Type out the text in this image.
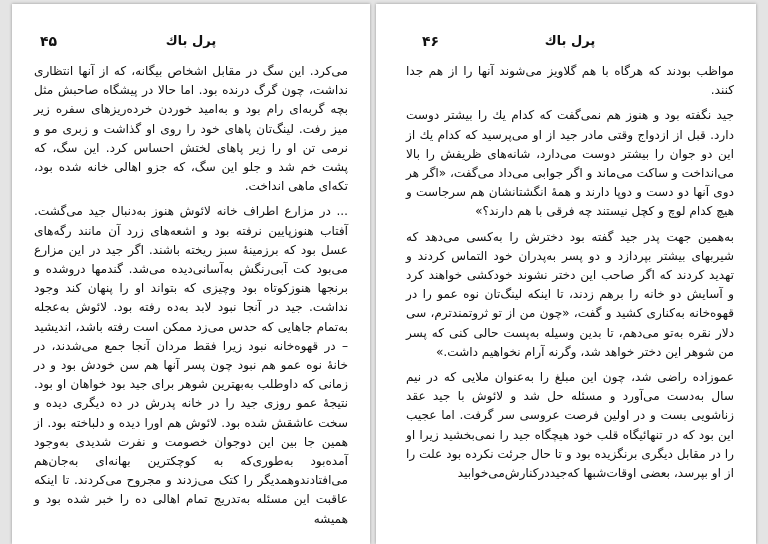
پرل باك
۴۵

می‌کرد. این سگ در مقابل اشخاص بیگانه، که از آنها انتظاری نداشت، چون گرگ درنده بود. اما حالا در پیشگاه صاحبش مثل بچه گربه‌ای رام بود و به‌امید خوردن خرده‌ریزهای سفره زیر میز رفت. لینگ‌تان پاهای خود را روی او گذاشت و زبری مو و نرمی تن او را زیر پاهای لختش احساس کرد. این سگ، که پشت خم شد و جلو این سگ، که جزو اهالی خانه شده بود، تکه‌ای ماهی انداخت.

... در مزارع اطراف خانه لائوش هنوز به‌دنبال جید می‌گشت. آفتاب هنوزپایین نرفته بود و اشعه‌های زرد آن مانند رگه‌های عسل بود که برزمینهٔ سبز ریخته باشند. اگر جید در این مزارع می‌بود کت آبی‌رنگش به‌آسانی‌دیده می‌شد. گندمها دروشده و برنجها هنوزکوتاه بود وچیزی که بتواند او را پنهان کند وجود نداشت. جید در آنجا نبود لابد به‌ده رفته بود. لائوش به‌عجله به‌تمام جاهایی که حدس می‌زد ممکن است رفته باشد، اندیشید – در قهوه‌خانه نبود زیرا فقط مردان آنجا جمع می‌شدند، در خانهٔ نوه عمو هم نبود چون پسر آنها هم سن خودش بود و در زمانی که داوطلب به‌بهترین شوهر برای جید بود خواهان او بود. نتیجهٔ عمو روزی جید را در خانه پدرش در ده دیگری دیده و سخت عاشقش شده بود. لائوش هم اورا دیده و دلباخته بود. از همین جا بین این دوجوان خصومت و نفرت شدیدی به‌وجود آمده‌بود به‌طوری‌که به کوچکترین بهانه‌ای به‌جان‌هم می‌افتادندوهمدیگر را کتک می‌زدند و مجروح می‌کردند. تا اینکه عاقبت این مسئله به‌تدریج تمام اهالی ده را خبر شده بود و همیشه

پرل باك
۴۶

مواظب بودند که هرگاه با هم گلاویز می‌شوند آنها را از هم جدا کنند.

جید نگفته بود و هنوز هم نمی‌گفت که کدام یك را بیشتر دوست دارد. قبل از ازدواج وقتی مادر جید از او می‌پرسید که کدام یك از این دو جوان را بیشتر دوست می‌دارد، شانه‌های ظریفش را بالا می‌انداخت و ساکت می‌ماند و اگر جوابی می‌داد می‌گفت، «اگر هر دوی آنها دو دست و دوپا دارند و همهٔ انگشتانشان هم سرجاست و هیچ کدام لوچ و کچل نیستند چه فرقی با هم دارند؟»

به‌همین جهت پدر جید گفته بود دخترش را به‌کسی می‌دهد که شیربهای بیشتر بپردازد و دو پسر به‌پدران خود التماس کردند و تهدید کردند که اگر صاحب این دختر نشوند خودکشی خواهند کرد و آسایش دو خانه را برهم زدند، تا اینکه لینگ‌تان نوه عمو را در قهوه‌خانه به‌کناری کشید و گفت، «چون من از تو ثروتمندترم، سی دلار نقره به‌تو می‌دهم، تا بدین وسیله به‌پست حالی کنی که پسر من شوهر این دختر خواهد شد، وگرنه آرام نخواهیم داشت.»

عموزاده راضی شد، چون این مبلغ را به‌عنوان ملایی که در نیم سال به‌دست می‌آورد و مسئله حل شد و لائوش با جید عقد زناشویی بست و در اولین فرصت عروسی سر گرفت. اما عجیب این بود که در تنهائیگاه قلب خود هیچگاه جید را نمی‌بخشید زیرا او را در مقابل دیگری برنگزیده بود و تا حال جرئت نکرده بود علت را از او بپرسد، بعضی اوقات‌شبها که‌جیددرکنارش‌می‌خوابید
